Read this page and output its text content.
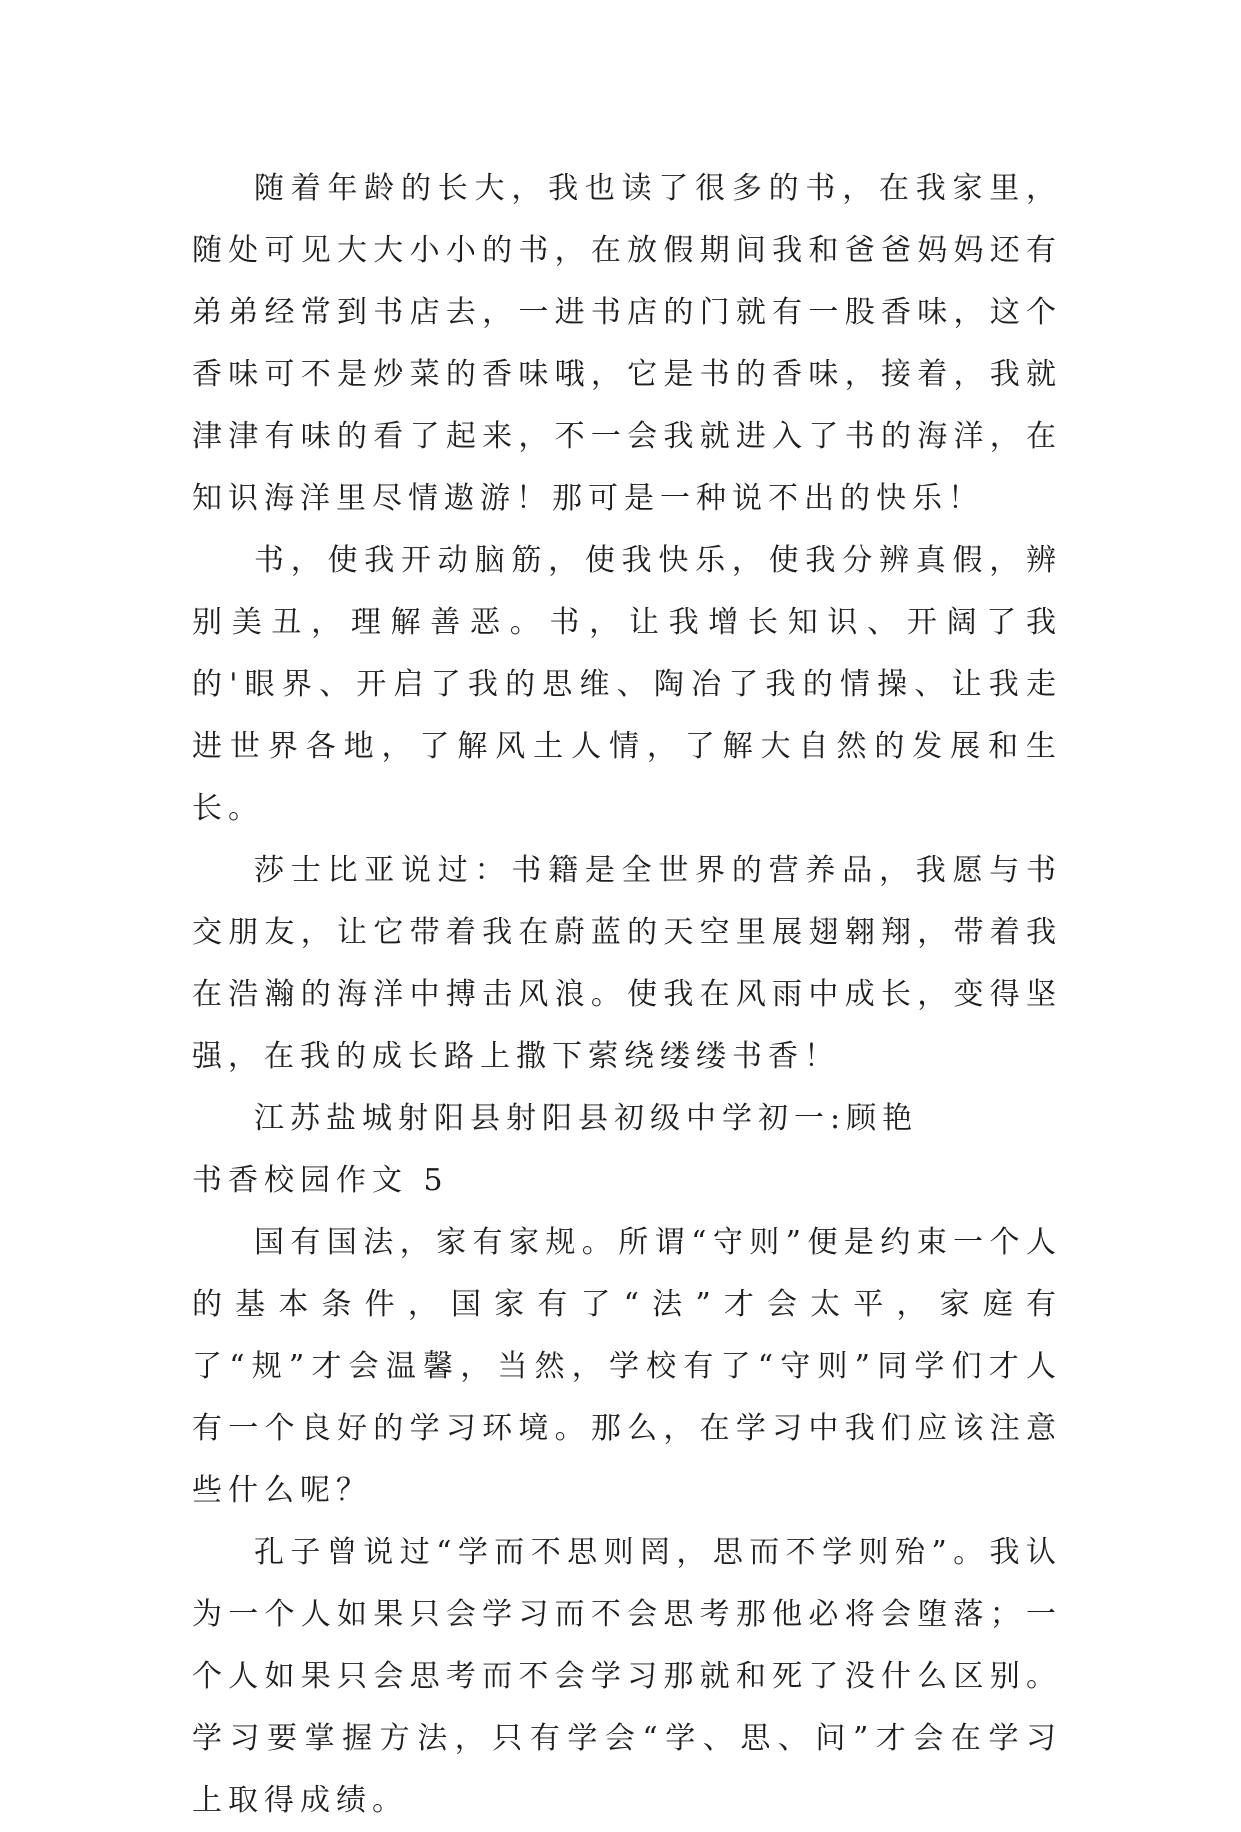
随着年龄的长大，我也读了很多的书，在我家里，随处可见大大小小的书，在放假期间我和爸爸妈妈还有弟弟经常到书店去，一进书店的门就有一股香味，这个香味可不是炒菜的香味哦，它是书的香味，接着，我就津津有味的看了起来，不一会我就进入了书的海洋，在知识海洋里尽情遨游！那可是一种说不出的快乐！

书，使我开动脑筋，使我快乐，使我分辨真假，辨别美丑，理解善恶。书，让我增长知识、开阔了我的'眼界、开启了我的思维、陶冶了我的情操、让我走进世界各地，了解风土人情，了解大自然的发展和生长。

莎士比亚说过：书籍是全世界的营养品，我愿与书交朋友，让它带着我在蔚蓝的天空里展翅翱翔，带着我在浩瀚的海洋中搏击风浪。使我在风雨中成长，变得坚强，在我的成长路上撒下萦绕缕缕书香！

江苏盐城射阳县射阳县初级中学初一:顾艳

书香校园作文 5

国有国法，家有家规。所谓“守则”便是约束一个人的基本条件，国家有了“法”才会太平，家庭有了“规”才会温馨，当然，学校有了“守则”同学们才人有一个良好的学习环境。那么，在学习中我们应该注意些什么呢？

孔子曾说过“学而不思则罔，思而不学则殆”。我认为一个人如果只会学习而不会思考那他必将会堕落；一个人如果只会思考而不会学习那就和死了没什么区别。学习要掌握方法，只有学会“学、思、问”才会在学习上取得成绩。
